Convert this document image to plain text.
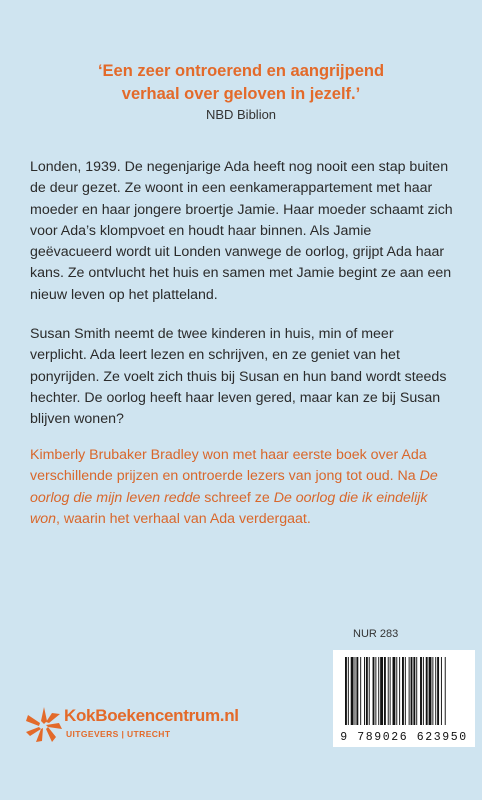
‘Een zeer ontroerend en aangrijpend
verhaal over geloven in jezelf.’
NBD Biblion

Londen, 1939. De negenjarige Ada heeft nog nooit een stap buiten de deur gezet. Ze woont in een eenkamerappartement met haar moeder en haar jongere broertje Jamie. Haar moeder schaamt zich voor Ada’s klompvoet en houdt haar binnen. Als Jamie geëvacueerd wordt uit Londen vanwege de oorlog, grijpt Ada haar kans. Ze ontvlucht het huis en samen met Jamie begint ze aan een nieuw leven op het platteland.

Susan Smith neemt de twee kinderen in huis, min of meer verplicht. Ada leert lezen en schrijven, en ze geniet van het ponyrijden. Ze voelt zich thuis bij Susan en hun band wordt steeds hechter. De oorlog heeft haar leven gered, maar kan ze bij Susan blijven wonen?

Kimberly Brubaker Bradley won met haar eerste boek over Ada verschillende prijzen en ontroerde lezers van jong tot oud. Na De oorlog die mijn leven redde schreef ze De oorlog die ik eindelijk won, waarin het verhaal van Ada verdergaat.

KokBoekencentrum.nl
UITGEVERS | UTRECHT
NUR 283
9 789026 623950
